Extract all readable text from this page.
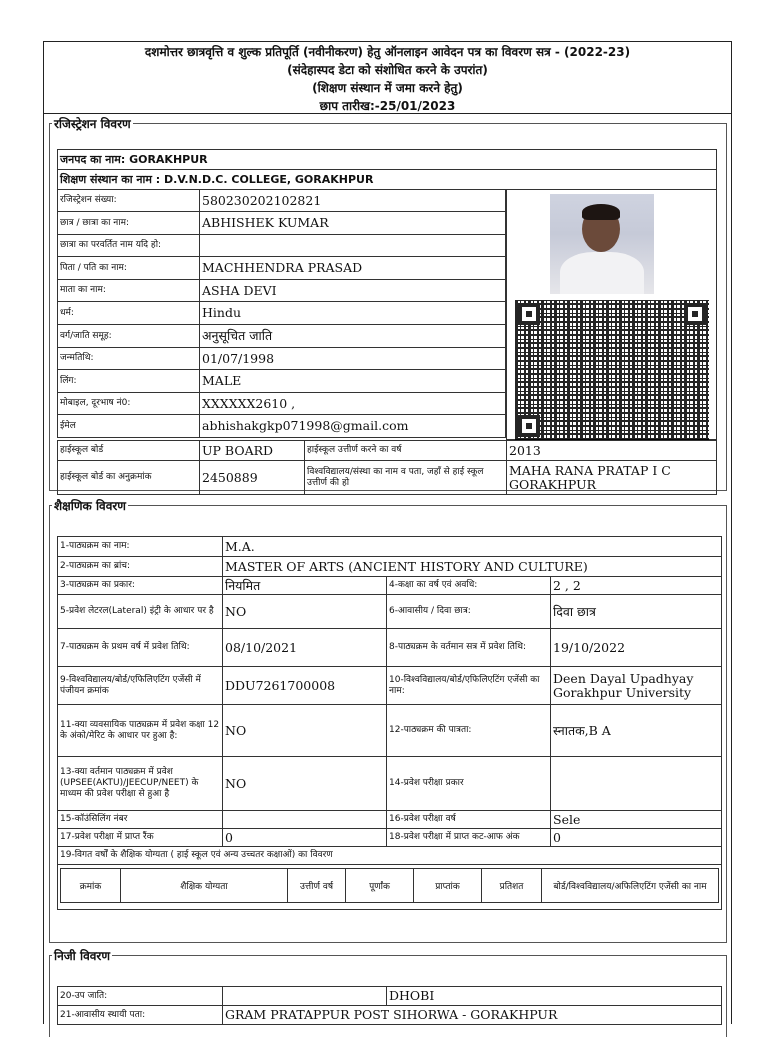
दशमोत्तर छात्रवृत्ति व शुल्क प्रतिपूर्ति (नवीनीकरण) हेतु ऑनलाइन आवेदन पत्र का विवरण सत्र - (2022-23)
(संदेहास्पद डेटा को संशोधित करने के उपरांत)
(शिक्षण संस्थान में जमा करने हेतु)
छाप तारीख:-25/01/2023
रजिस्ट्रेशन विवरण
जनपद का नाम: GORAKHPUR
शिक्षण संस्थान का नाम : D.V.N.D.C. COLLEGE, GORAKHPUR
रजिस्ट्रेशन संख्या:	580230202102821
छात्र / छात्रा का नाम:	ABHISHEK KUMAR
छात्रा का परवर्तित नाम यदि हो:	
पिता / पति का नाम:	MACHHENDRA PRASAD
माता का नाम:	ASHA DEVI
धर्म:	Hindu
वर्ग/जाति समूह:	अनुसूचित जाति
जन्मतिथि:	01/07/1998
लिंग:	MALE
मोबाइल, दूरभाष नं0:	XXXXXX2610 ,
ईमेल	abhishakgkp071998@gmail.com
हाईस्कूल बोर्ड	UP BOARD	हाईस्कूल उत्तीर्ण करने का वर्ष	2013
हाईस्कूल बोर्ड का अनुक्रमांक	2450889	विश्वविद्यालय/संस्था का नाम व पता, जहाँ से हाई स्कूल उत्तीर्ण की हो	MAHA RANA PRATAP I C GORAKHPUR
शैक्षणिक विवरण
1-पाठ्यक्रम का नाम:	M.A.
2-पाठ्यक्रम का ब्रांच:	MASTER OF ARTS (ANCIENT HISTORY AND CULTURE)
3-पाठ्यक्रम का प्रकार:	नियमित	4-कक्षा का वर्ष एवं अवधि:	2 , 2
5-प्रवेश लेटरल(Lateral) इंट्री के आधार पर है	NO	6-आवासीय / दिवा छात्र:	दिवा छात्र
7-पाठ्यक्रम के प्रथम वर्ष में प्रवेश तिथि:	08/10/2021	8-पाठ्यक्रम के वर्तमान सत्र में प्रवेश तिथि:	19/10/2022
9-विश्वविद्यालय/बोर्ड/एफिलिएटिंग एजेंसी में पंजीयन क्रमांक	DDU7261700008	10-विश्वविद्यालय/बोर्ड/एफिलिएटिंग एजेंसी का नाम:	Deen Dayal Upadhyay Gorakhpur University
11-क्या व्यवसायिक पाठ्यक्रम में प्रवेश कक्षा 12 के अंको/मेरिट के आधार पर हुआ है:	NO	12-पाठ्यक्रम की पात्रता:	स्नातक,B A
13-क्या वर्तमान पाठ्यक्रम में प्रवेश (UPSEE(AKTU)/JEECUP/NEET) के माध्यम की प्रवेश परीक्षा से हुआ है	NO	14-प्रवेश परीक्षा प्रकार	
15-कॉउंसिलिंग नंबर		16-प्रवेश परीक्षा वर्ष	Sele
17-प्रवेश परीक्षा में प्राप्त रैंक	0	18-प्रवेश परीक्षा में प्राप्त कट-आफ अंक	0
19-विगत वर्षों के शैक्षिक योग्यता ( हाई स्कूल एवं अन्य उच्चतर कक्षाओं) का विवरण

क्रमांक	शैक्षिक योग्यता	उत्तीर्ण वर्ष	पूर्णांक	प्राप्तांक	प्रतिशत	बोर्ड/विश्वविद्यालय/अफिलिएटिंग एजेंसी का नाम
निजी विवरण
20-उप जाति:		DHOBI
21-आवासीय स्थायी पता:	GRAM PRATAPPUR POST SIHORWA - GORAKHPUR	
